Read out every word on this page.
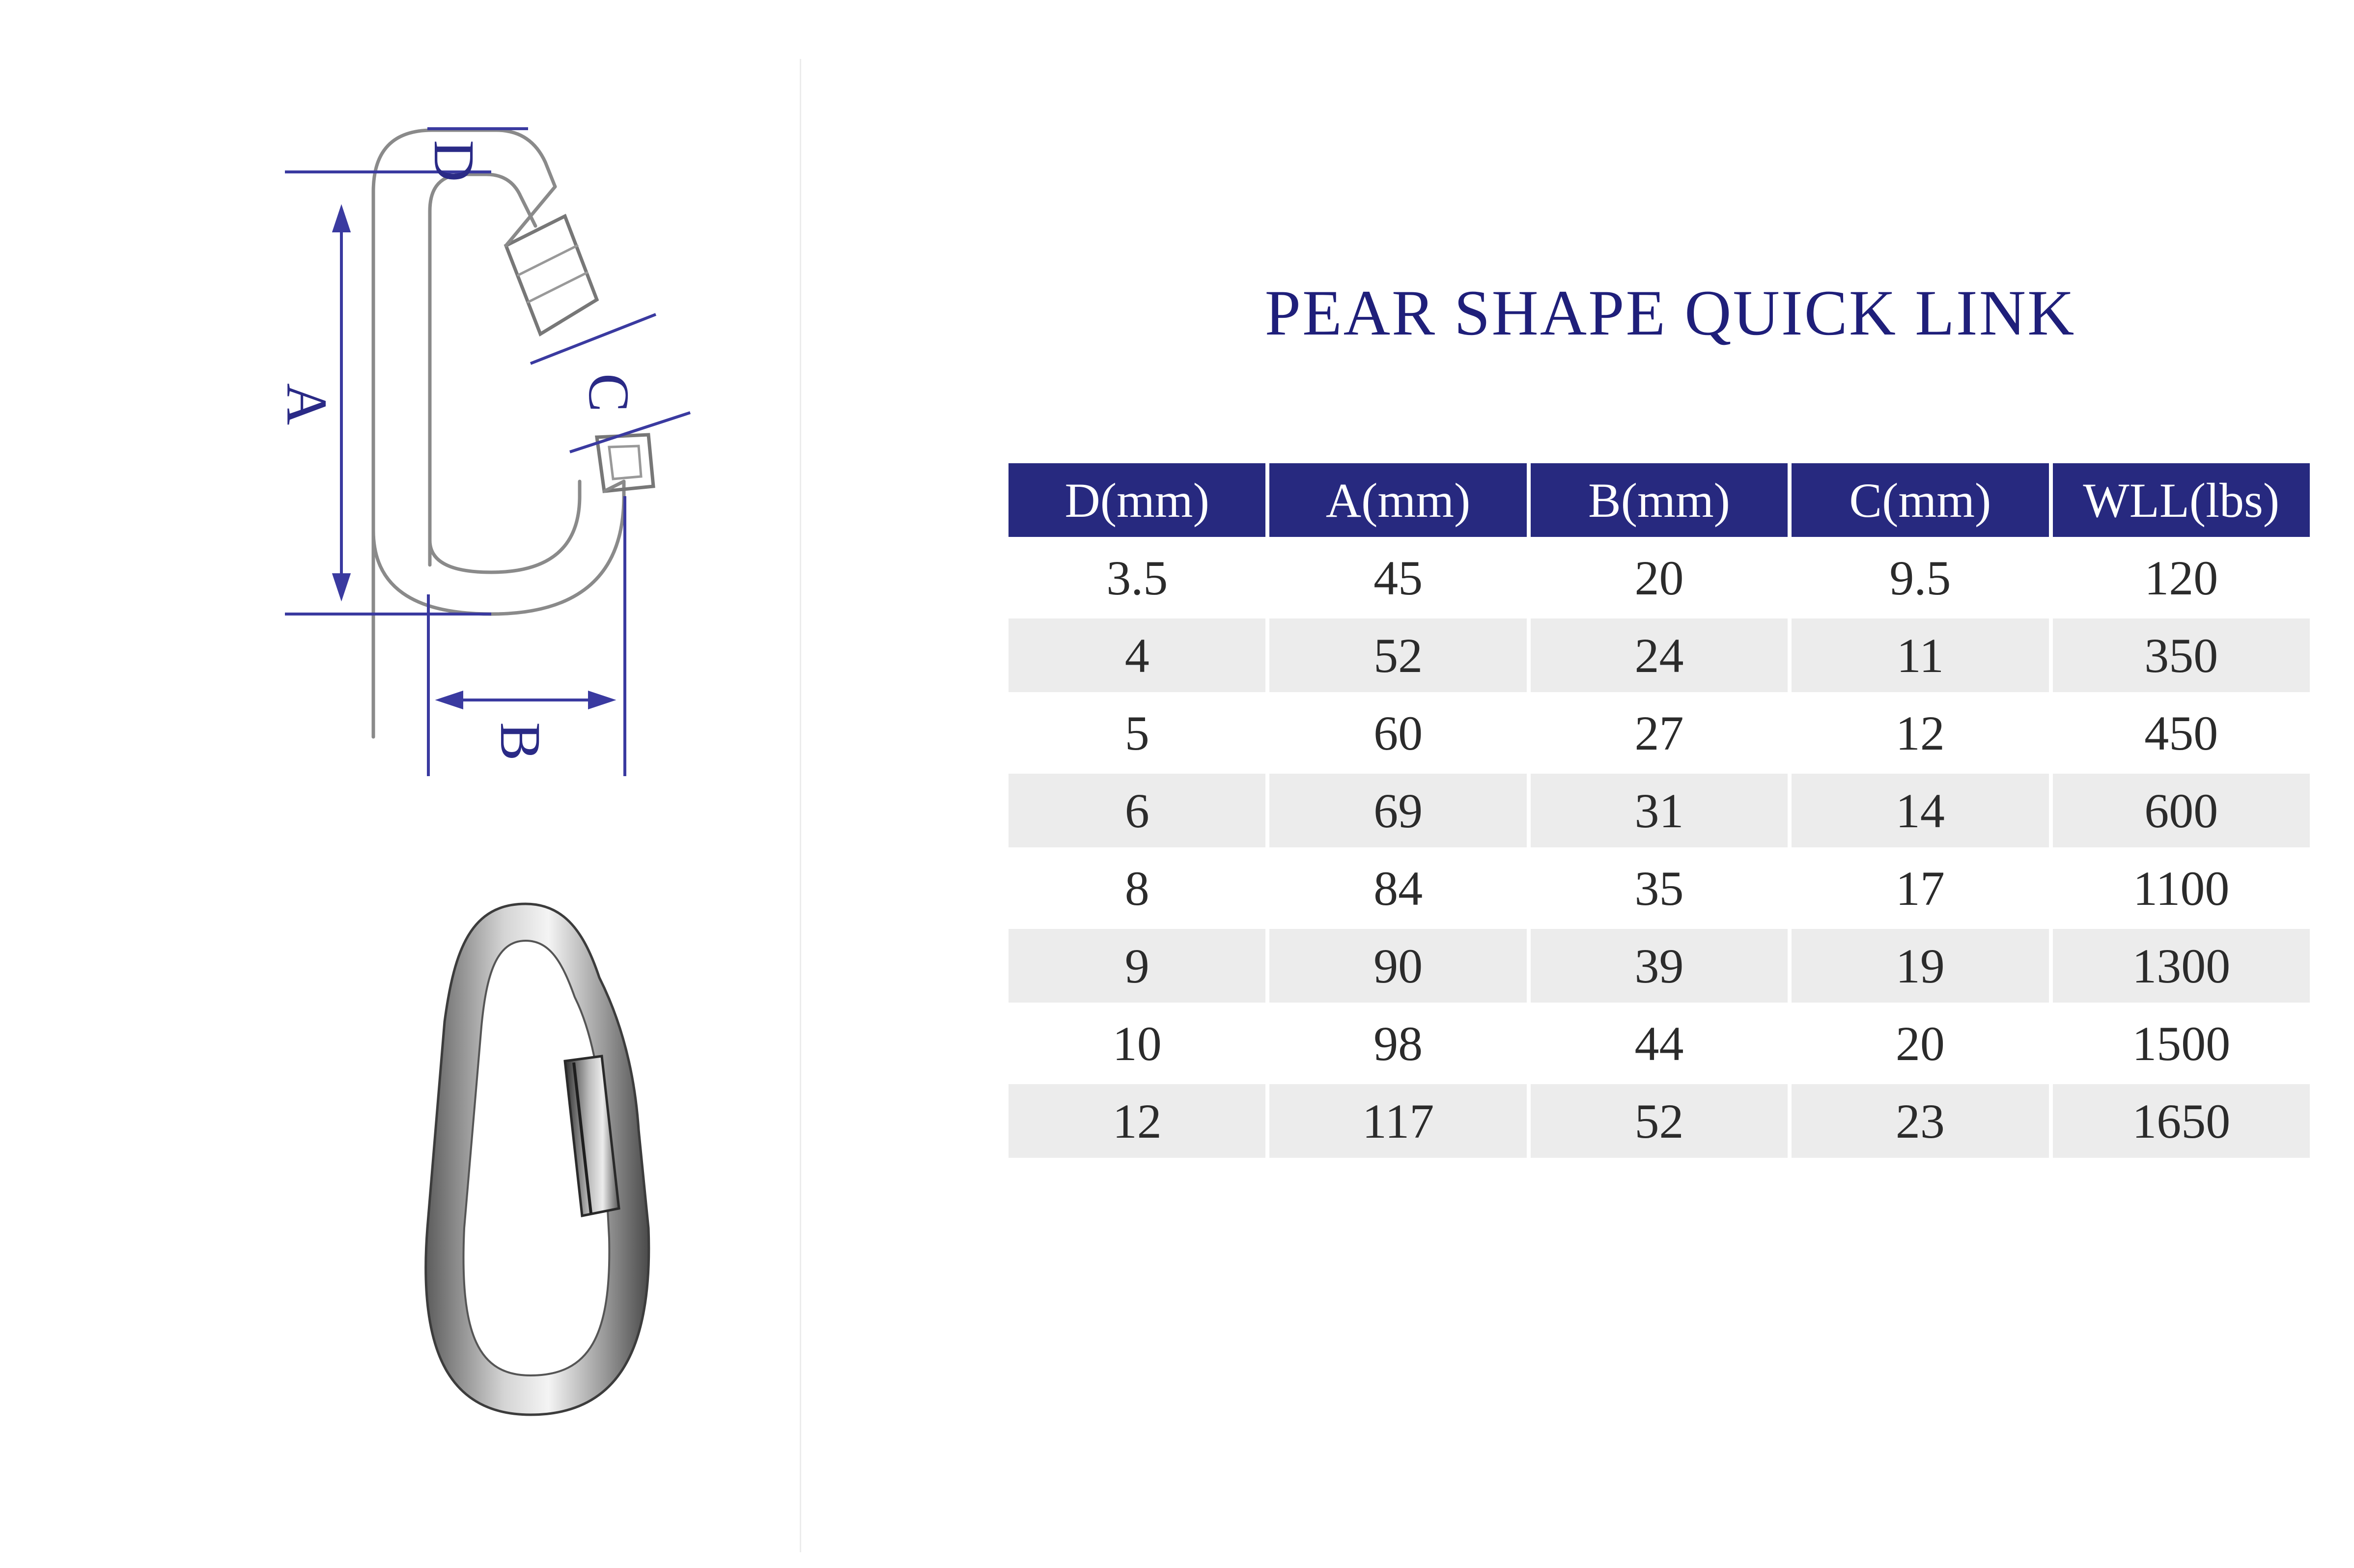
D
A
B
C
PEAR SHAPE QUICK LINK
D(mm)	A(mm)	B(mm)	C(mm)	WLL(lbs)
3.5	45	20	9.5	120
4	52	24	11	350
5	60	27	12	450
6	69	31	14	600
8	84	35	17	1100
9	90	39	19	1300
10	98	44	20	1500
12	117	52	23	1650
